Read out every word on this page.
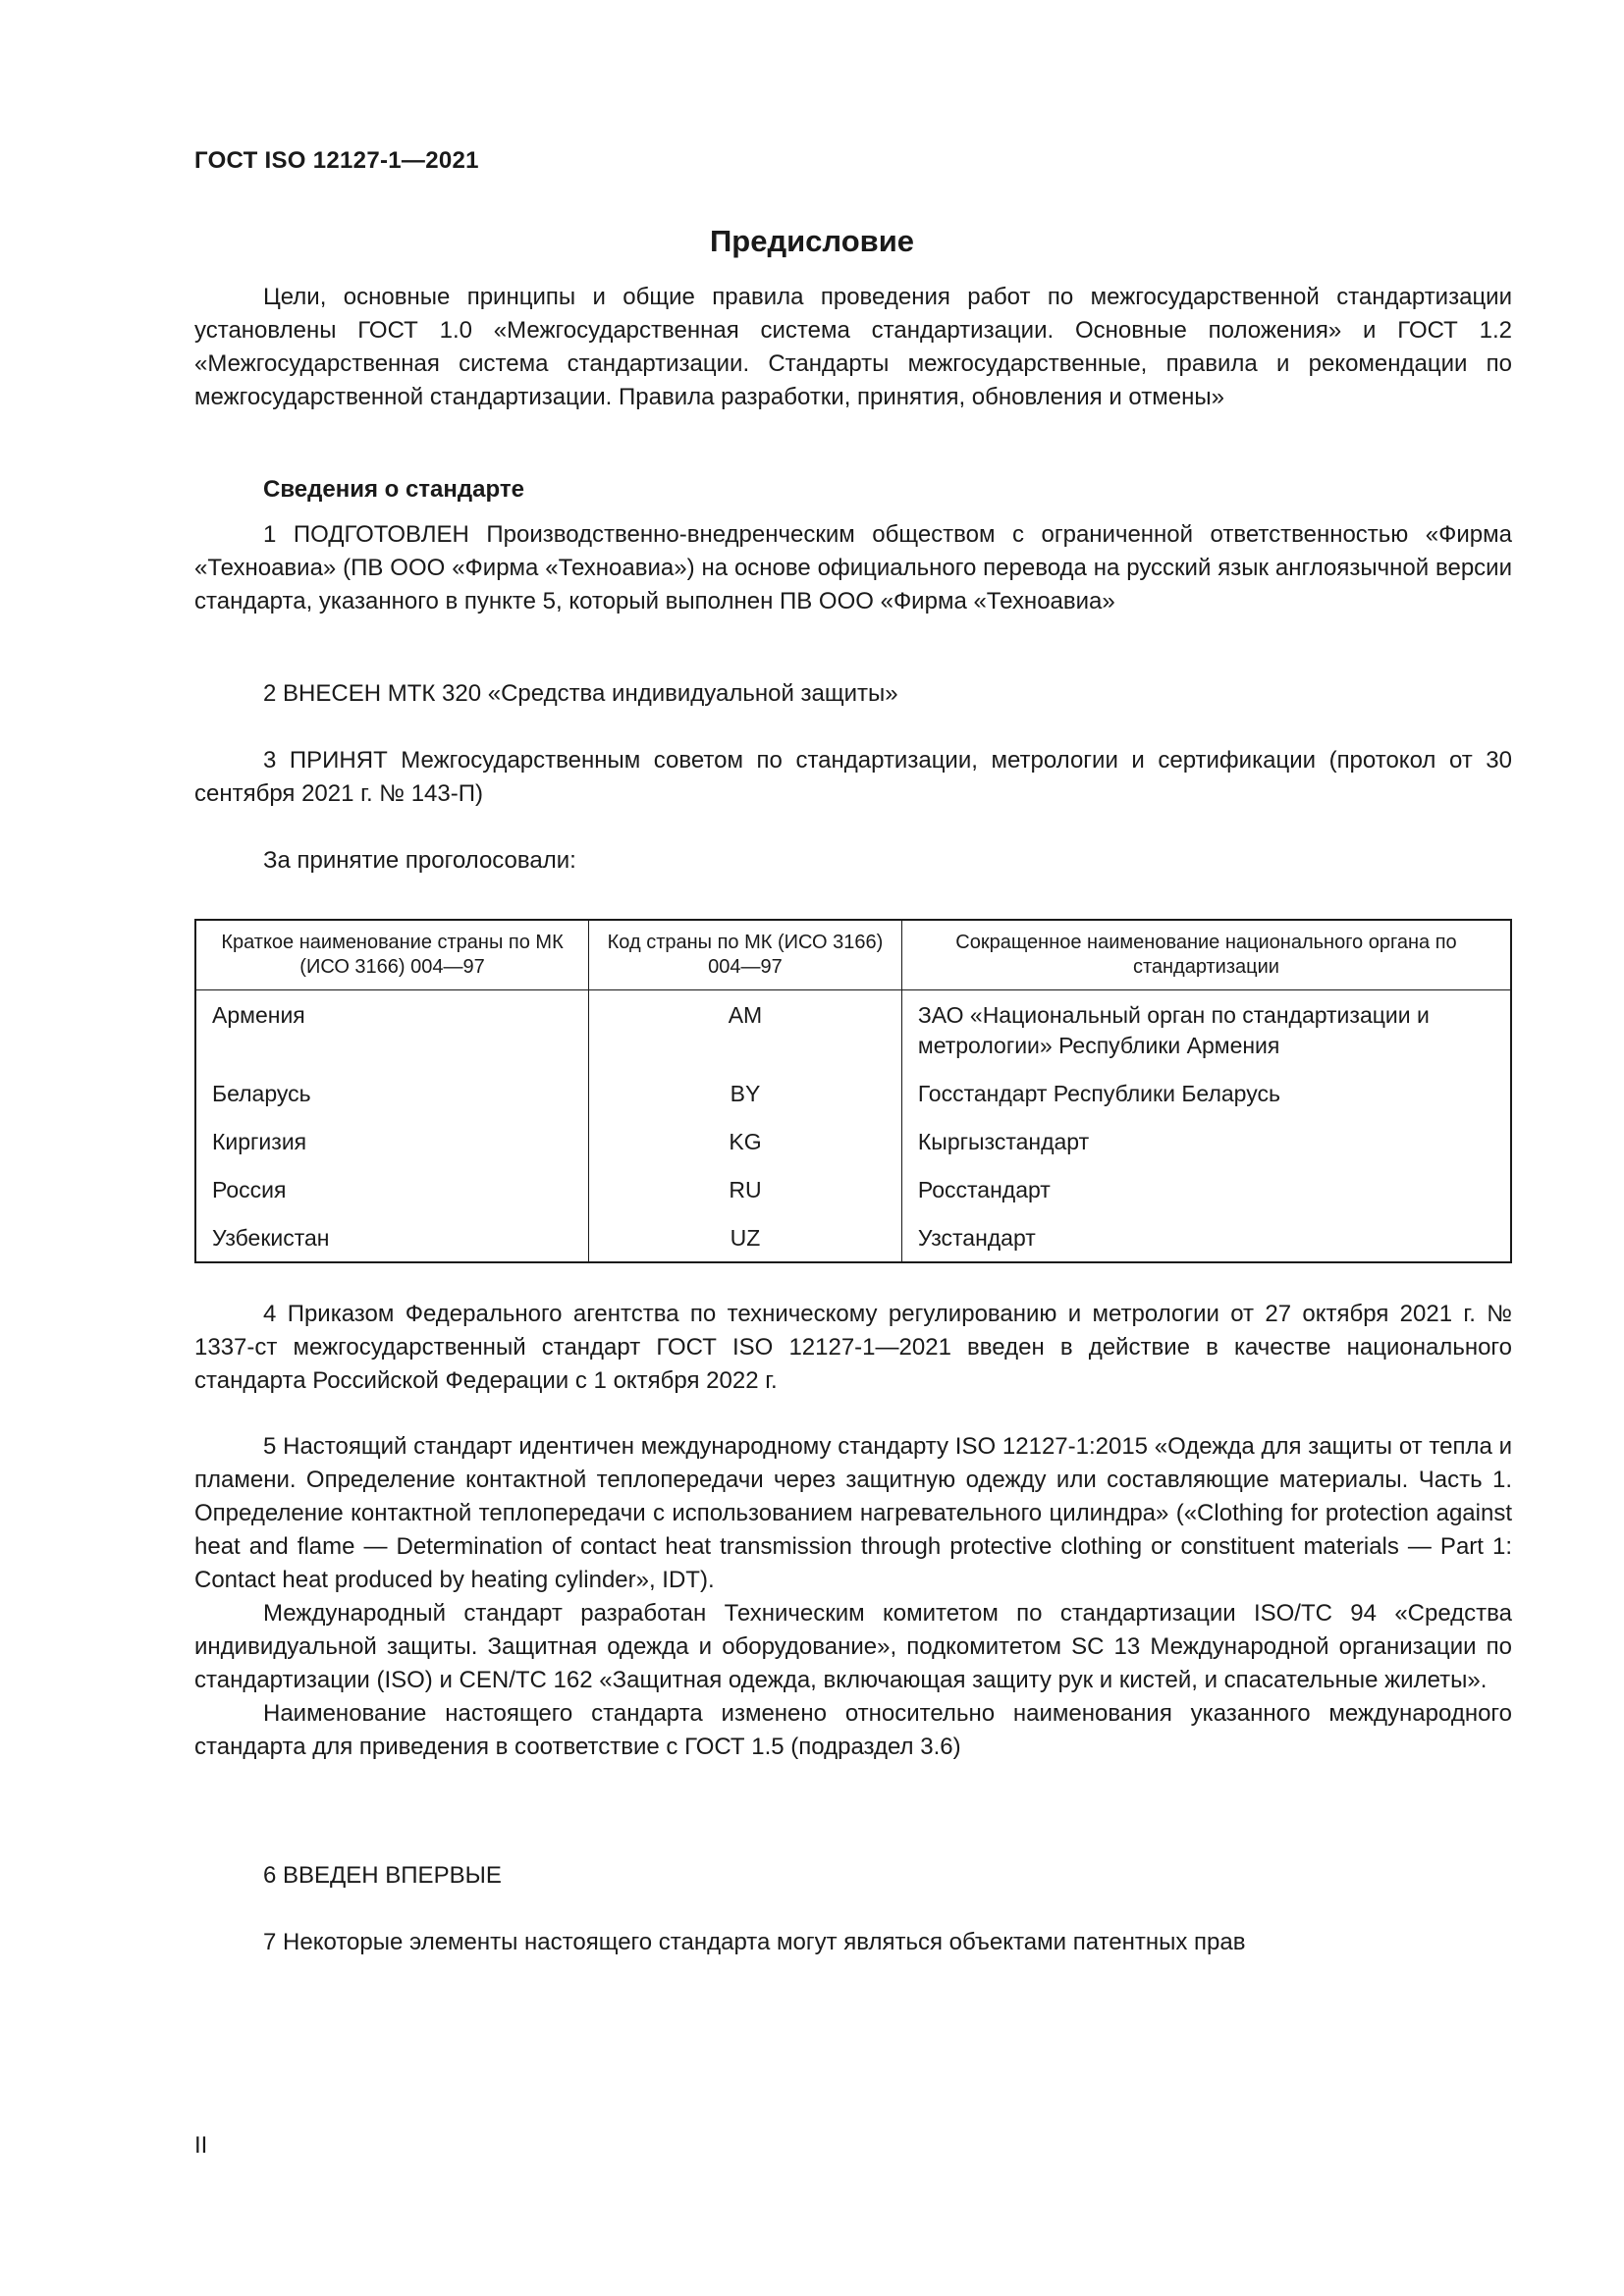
ГОСТ ISO 12127-1—2021
Предисловие

Цели, основные принципы и общие правила проведения работ по межгосударственной стандартизации установлены ГОСТ 1.0 «Межгосударственная система стандартизации. Основные положения» и ГОСТ 1.2 «Межгосударственная система стандартизации. Стандарты межгосударственные, правила и рекомендации по межгосударственной стандартизации. Правила разработки, принятия, обновления и отмены»

Сведения о стандарте

1 ПОДГОТОВЛЕН Производственно-внедренческим обществом с ограниченной ответственностью «Фирма «Техноавиа» (ПВ ООО «Фирма «Техноавиа») на основе официального перевода на русский язык англоязычной версии стандарта, указанного в пункте 5, который выполнен ПВ ООО «Фирма «Техноавиа»

2 ВНЕСЕН МТК 320 «Средства индивидуальной защиты»

3 ПРИНЯТ Межгосударственным советом по стандартизации, метрологии и сертификации (протокол от 30 сентября 2021 г. № 143-П)

За принятие проголосовали:

Краткое наименование страны по МК (ИСО 3166) 004—97	Код страны по МК (ИСО 3166) 004—97	Сокращенное наименование национального органа по стандартизации
Армения	AM	ЗАО «Национальный орган по стандартизации и метрологии» Республики Армения
Беларусь	BY	Госстандарт Республики Беларусь
Киргизия	KG	Кыргызстандарт
Россия	RU	Росстандарт
Узбекистан	UZ	Узстандарт

4 Приказом Федерального агентства по техническому регулированию и метрологии от 27 октября 2021 г. № 1337-ст межгосударственный стандарт ГОСТ ISO 12127-1—2021 введен в действие в качестве национального стандарта Российской Федерации с 1 октября 2022 г.

5 Настоящий стандарт идентичен международному стандарту ISO 12127-1:2015 «Одежда для защиты от тепла и пламени. Определение контактной теплопередачи через защитную одежду или составляющие материалы. Часть 1. Определение контактной теплопередачи с использованием нагревательного цилиндра» («Clothing for protection against heat and flame — Determination of contact heat transmission through protective clothing or constituent materials — Part 1: Contact heat produced by heating cylinder», IDT).

Международный стандарт разработан Техническим комитетом по стандартизации ISO/TC 94 «Средства индивидуальной защиты. Защитная одежда и оборудование», подкомитетом SC 13 Международной организации по стандартизации (ISO) и CEN/TC 162 «Защитная одежда, включающая защиту рук и кистей, и спасательные жилеты».

Наименование настоящего стандарта изменено относительно наименования указанного международного стандарта для приведения в соответствие с ГОСТ 1.5 (подраздел 3.6)

6 ВВЕДЕН ВПЕРВЫЕ

7 Некоторые элементы настоящего стандарта могут являться объектами патентных прав

II
